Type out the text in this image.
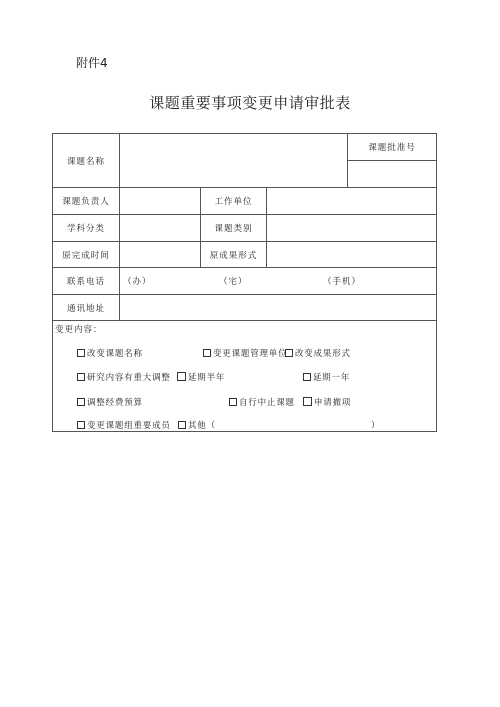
附件4
课题重要事项变更申请审批表
课题名称
课题批准号
课题负责人	工作单位
学科分类	课题类别
原完成时间	原成果形式
联系电话	（办）	（宅）	（手机）
通讯地址
变更内容：
改变课题名称	变更课题管理单位 改变成果形式
研究内容有重大调整	延期半年	延期一年
调整经费预算	自行中止课题	申请撤项
变更课题组重要成员	其他（	）
